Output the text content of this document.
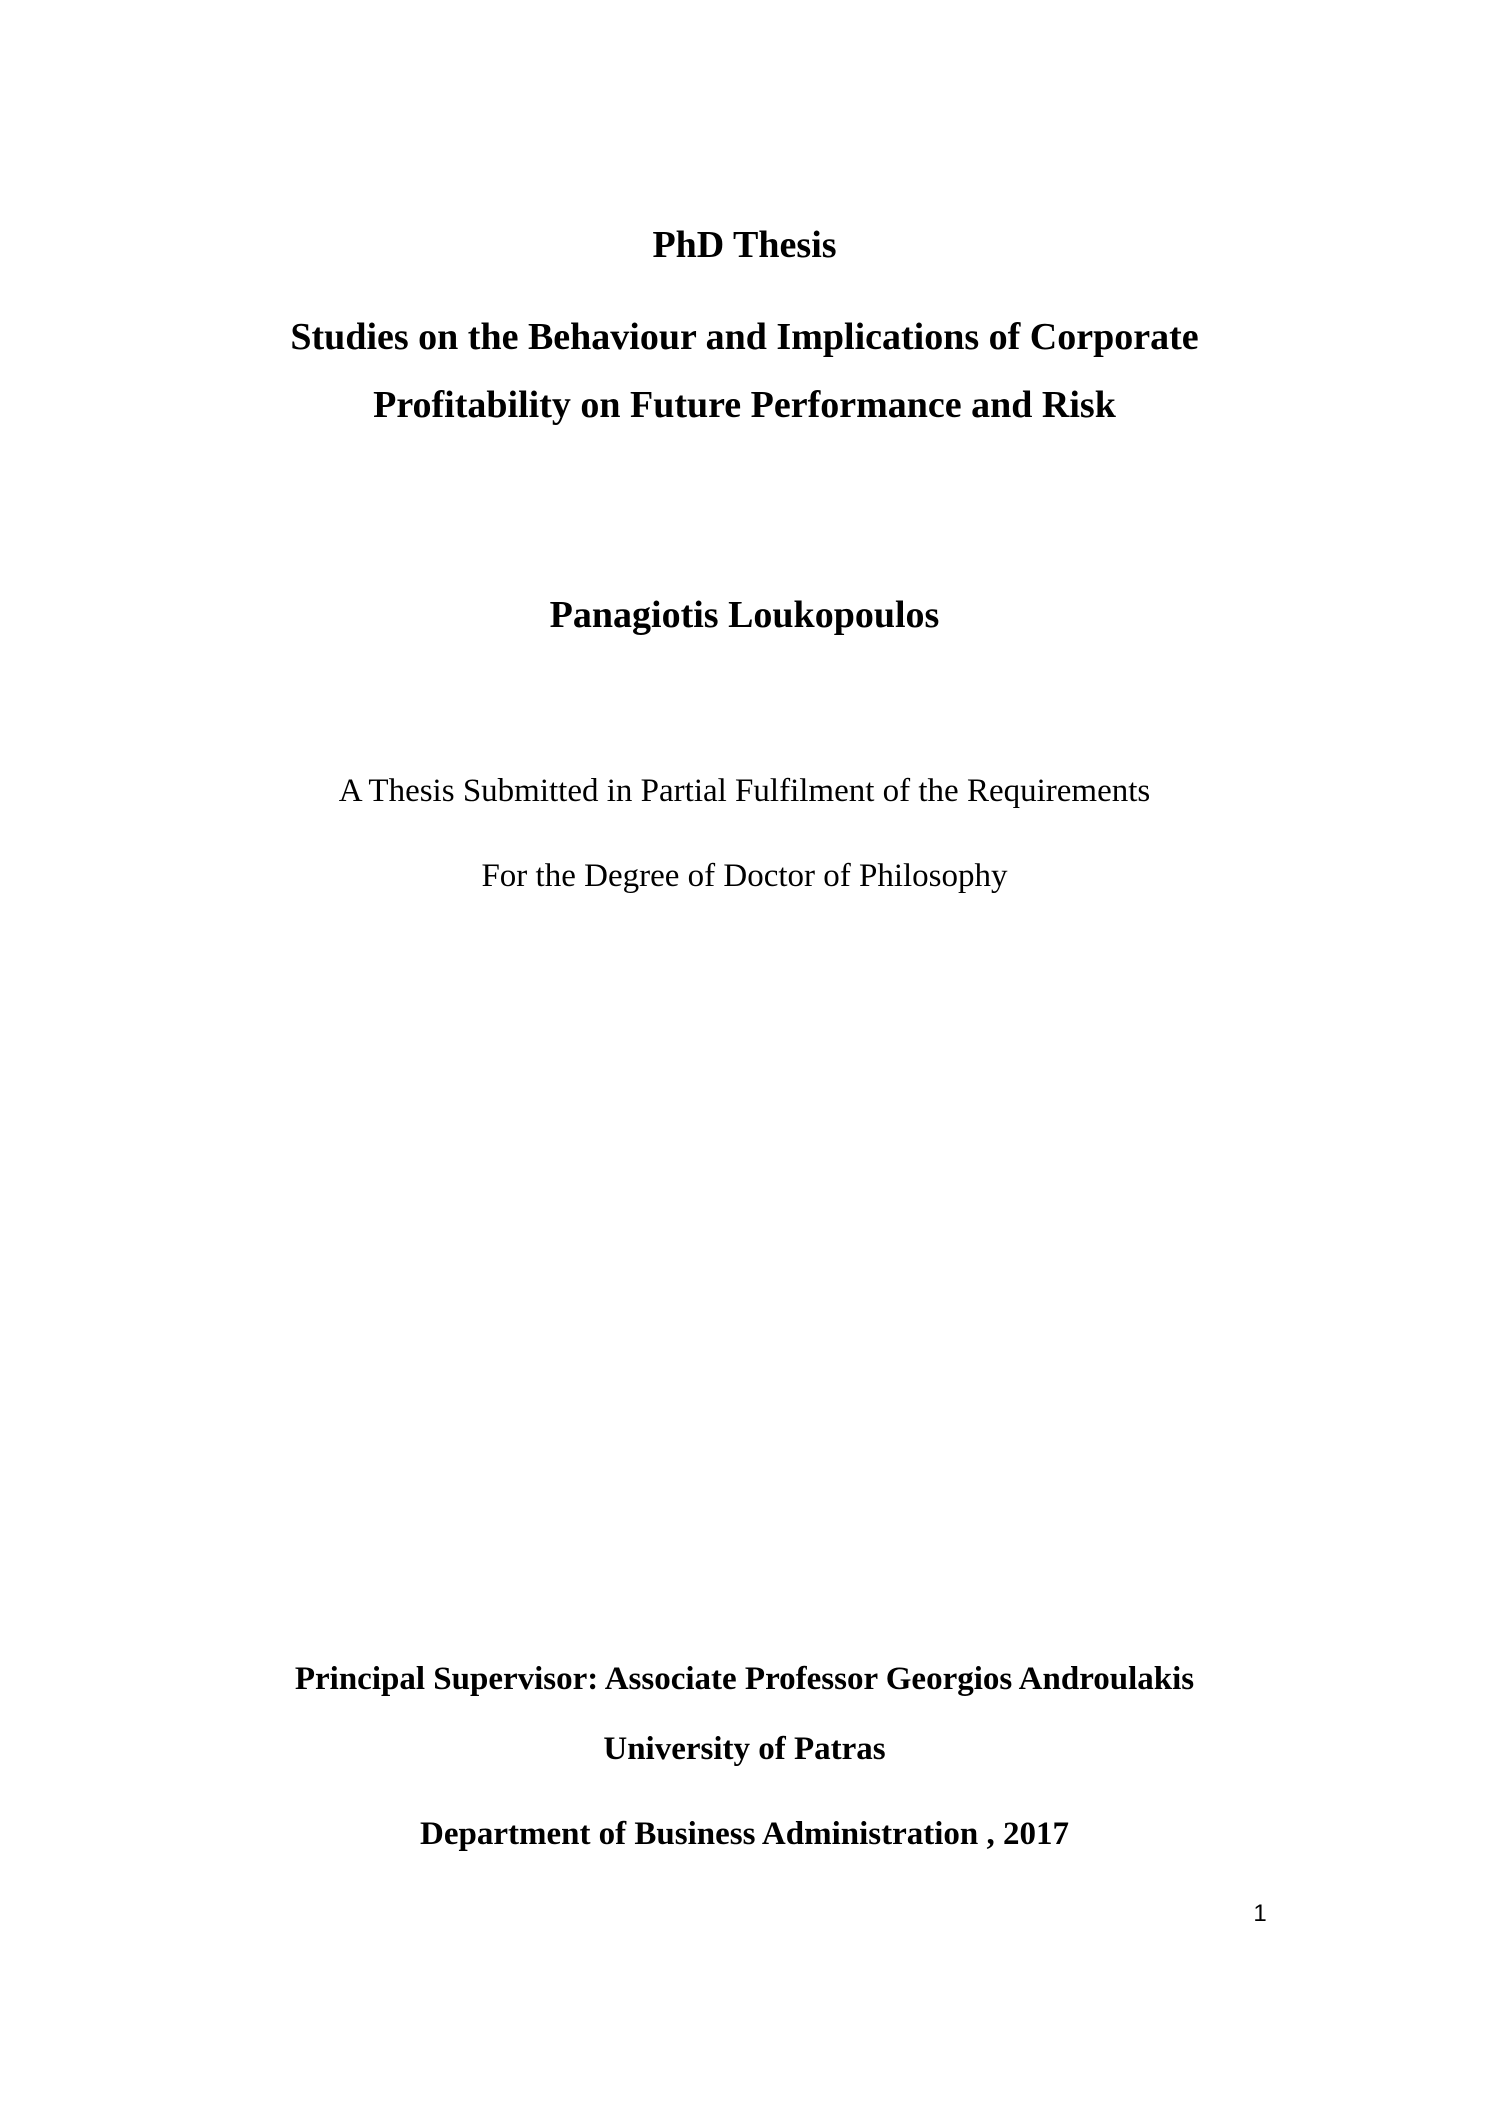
PhD Thesis
Studies on the Behaviour and Implications of Corporate
Profitability on Future Performance and Risk
Panagiotis Loukopoulos
A Thesis Submitted in Partial Fulfilment of the Requirements
For the Degree of Doctor of Philosophy
Principal Supervisor: Associate Professor Georgios Androulakis
University of Patras
Department of Business Administration , 2017
1
